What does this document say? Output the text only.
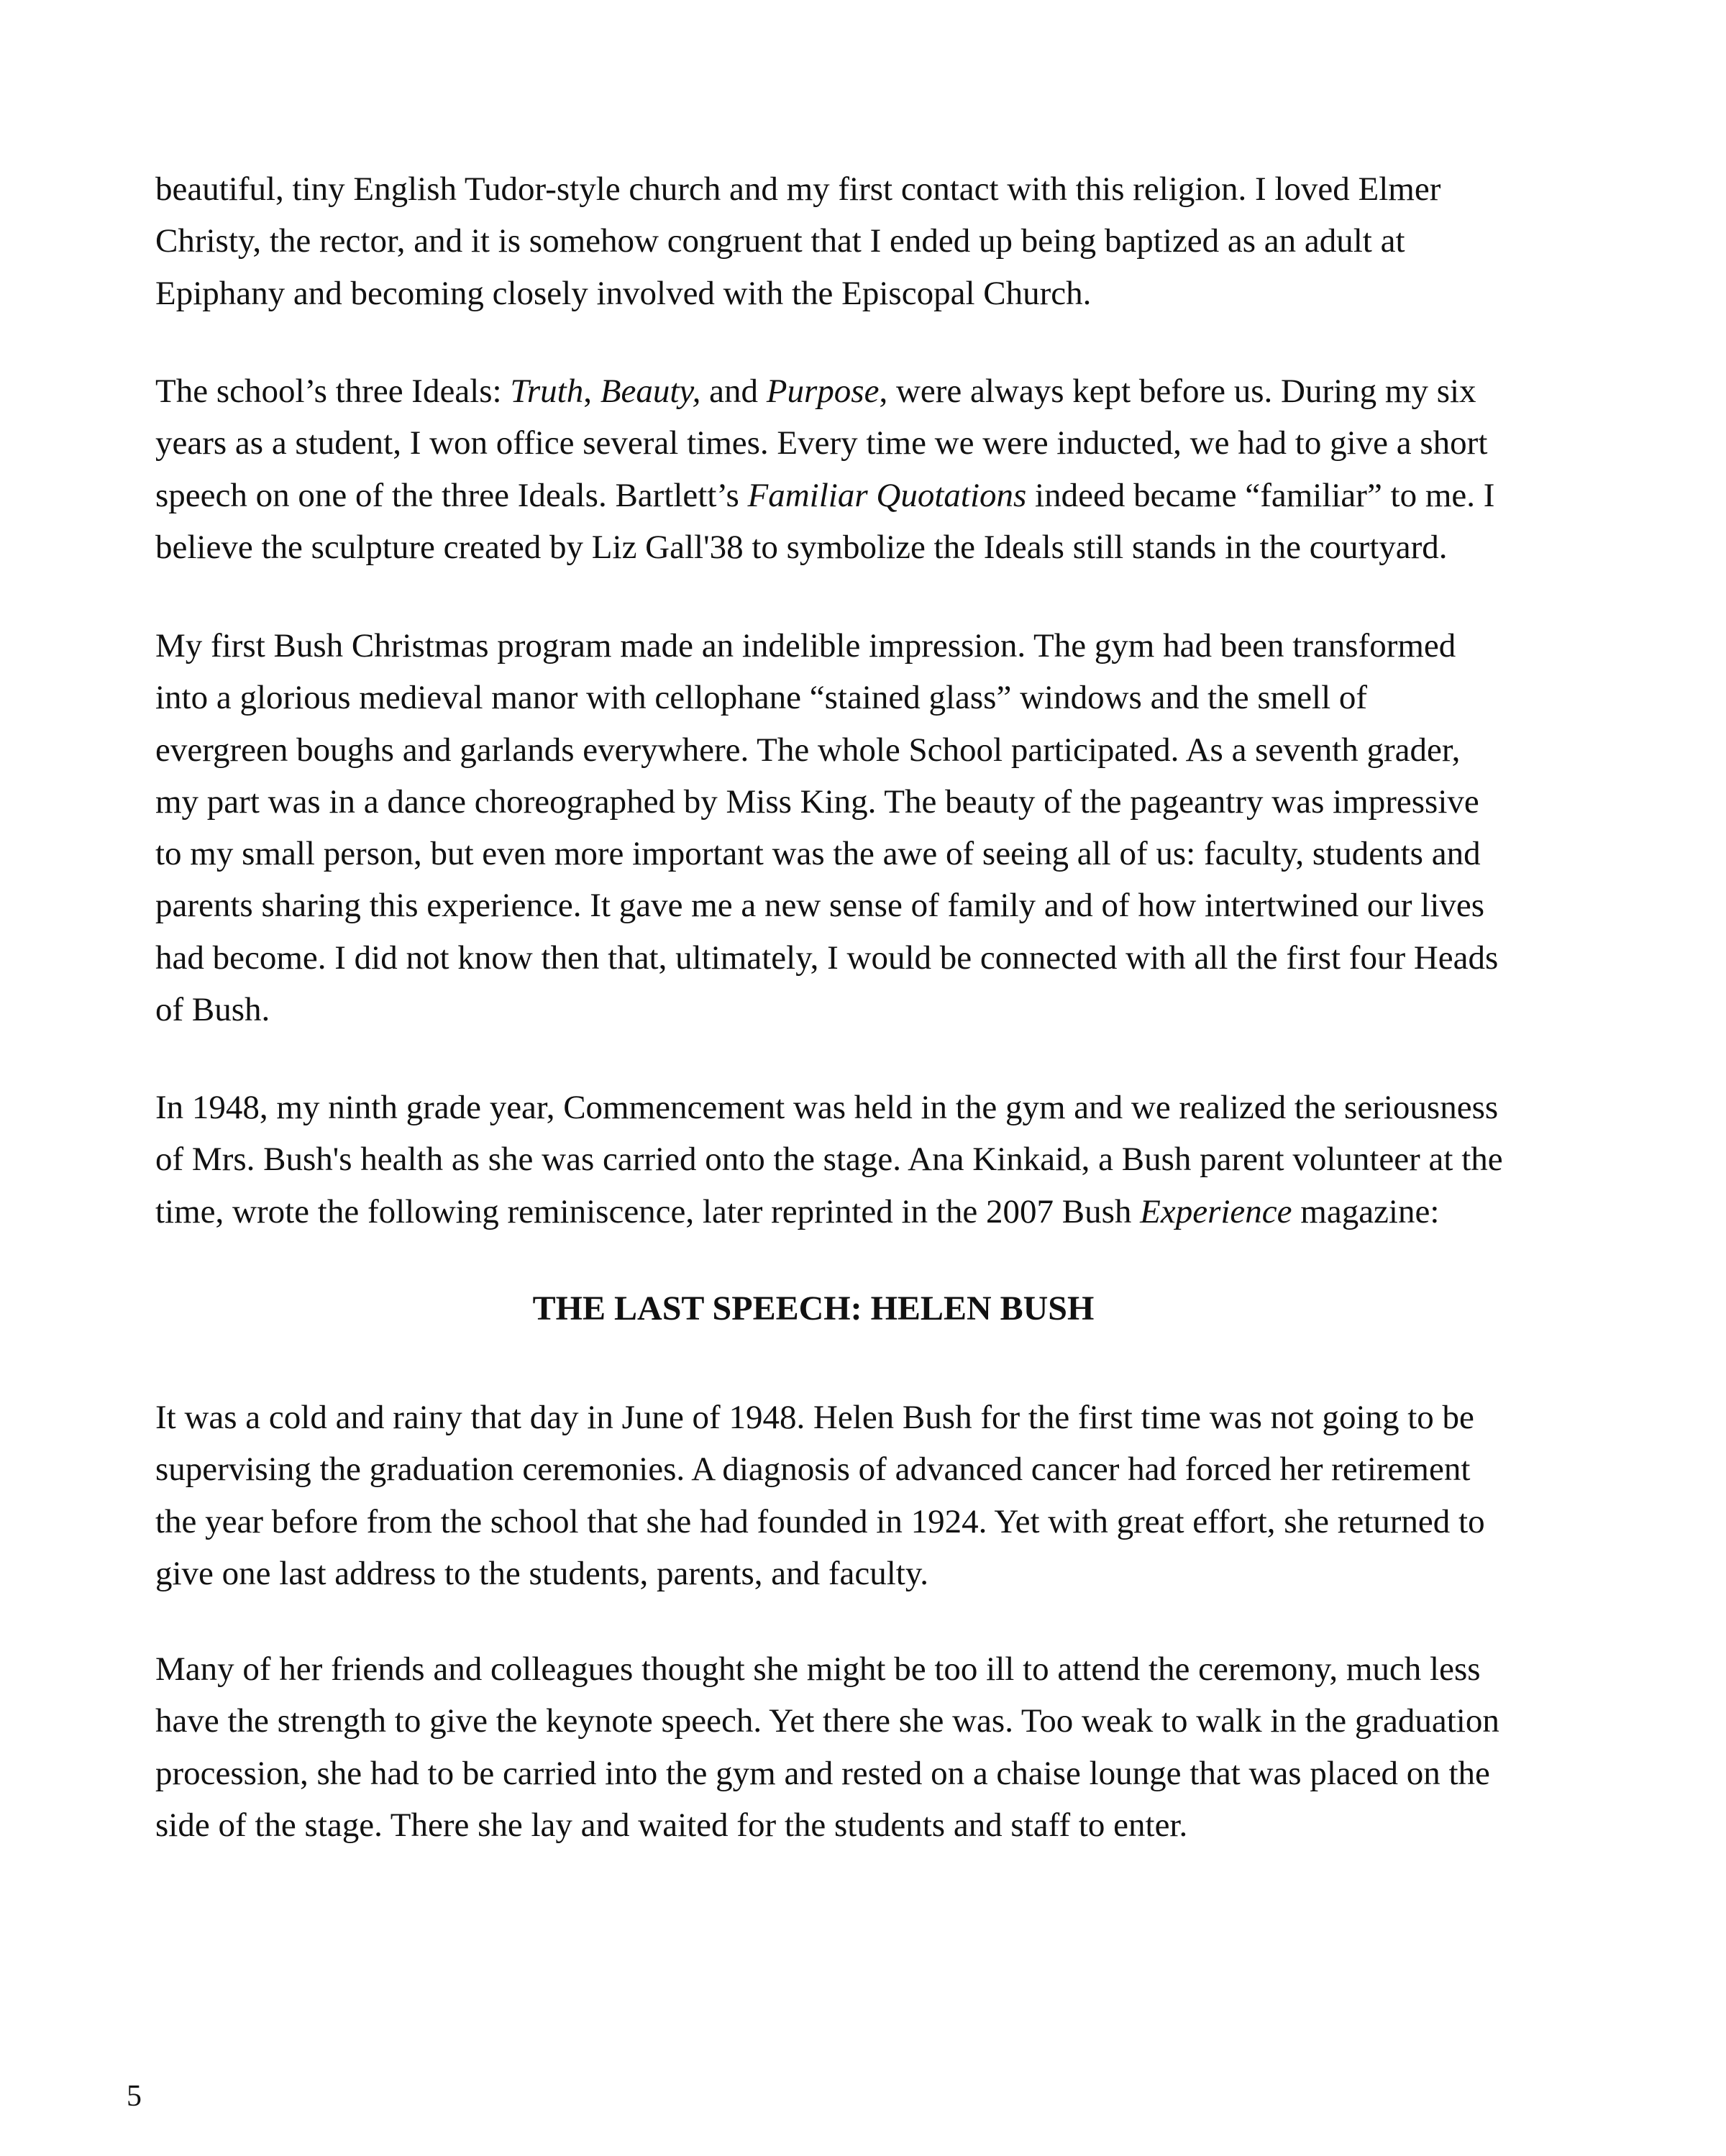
beautiful, tiny English Tudor-style church and my first contact with this religion. I loved Elmer
Christy, the rector, and it is somehow congruent that I ended up being baptized as an adult at
Epiphany and becoming closely involved with the Episcopal Church.

The school’s three Ideals: Truth, Beauty, and Purpose, were always kept before us. During my six
years as a student, I won office several times. Every time we were inducted, we had to give a short
speech on one of the three Ideals. Bartlett’s Familiar Quotations indeed became “familiar” to me. I
believe the sculpture created by Liz Gall'38 to symbolize the Ideals still stands in the courtyard.

My first Bush Christmas program made an indelible impression. The gym had been transformed
into a glorious medieval manor with cellophane “stained glass” windows and the smell of
evergreen boughs and garlands everywhere. The whole School participated. As a seventh grader,
my part was in a dance choreographed by Miss King. The beauty of the pageantry was impressive
to my small person, but even more important was the awe of seeing all of us: faculty, students and
parents sharing this experience. It gave me a new sense of family and of how intertwined our lives
had become. I did not know then that, ultimately, I would be connected with all the first four Heads
of Bush.

In 1948, my ninth grade year, Commencement was held in the gym and we realized the seriousness
of Mrs. Bush's health as she was carried onto the stage. Ana Kinkaid, a Bush parent volunteer at the
time, wrote the following reminiscence, later reprinted in the 2007 Bush Experience magazine:

THE LAST SPEECH: HELEN BUSH

It was a cold and rainy that day in June of 1948. Helen Bush for the first time was not going to be
supervising the graduation ceremonies. A diagnosis of advanced cancer had forced her retirement
the year before from the school that she had founded in 1924. Yet with great effort, she returned to
give one last address to the students, parents, and faculty.

Many of her friends and colleagues thought she might be too ill to attend the ceremony, much less
have the strength to give the keynote speech. Yet there she was. Too weak to walk in the graduation
procession, she had to be carried into the gym and rested on a chaise lounge that was placed on the
side of the stage. There she lay and waited for the students and staff to enter.

5
